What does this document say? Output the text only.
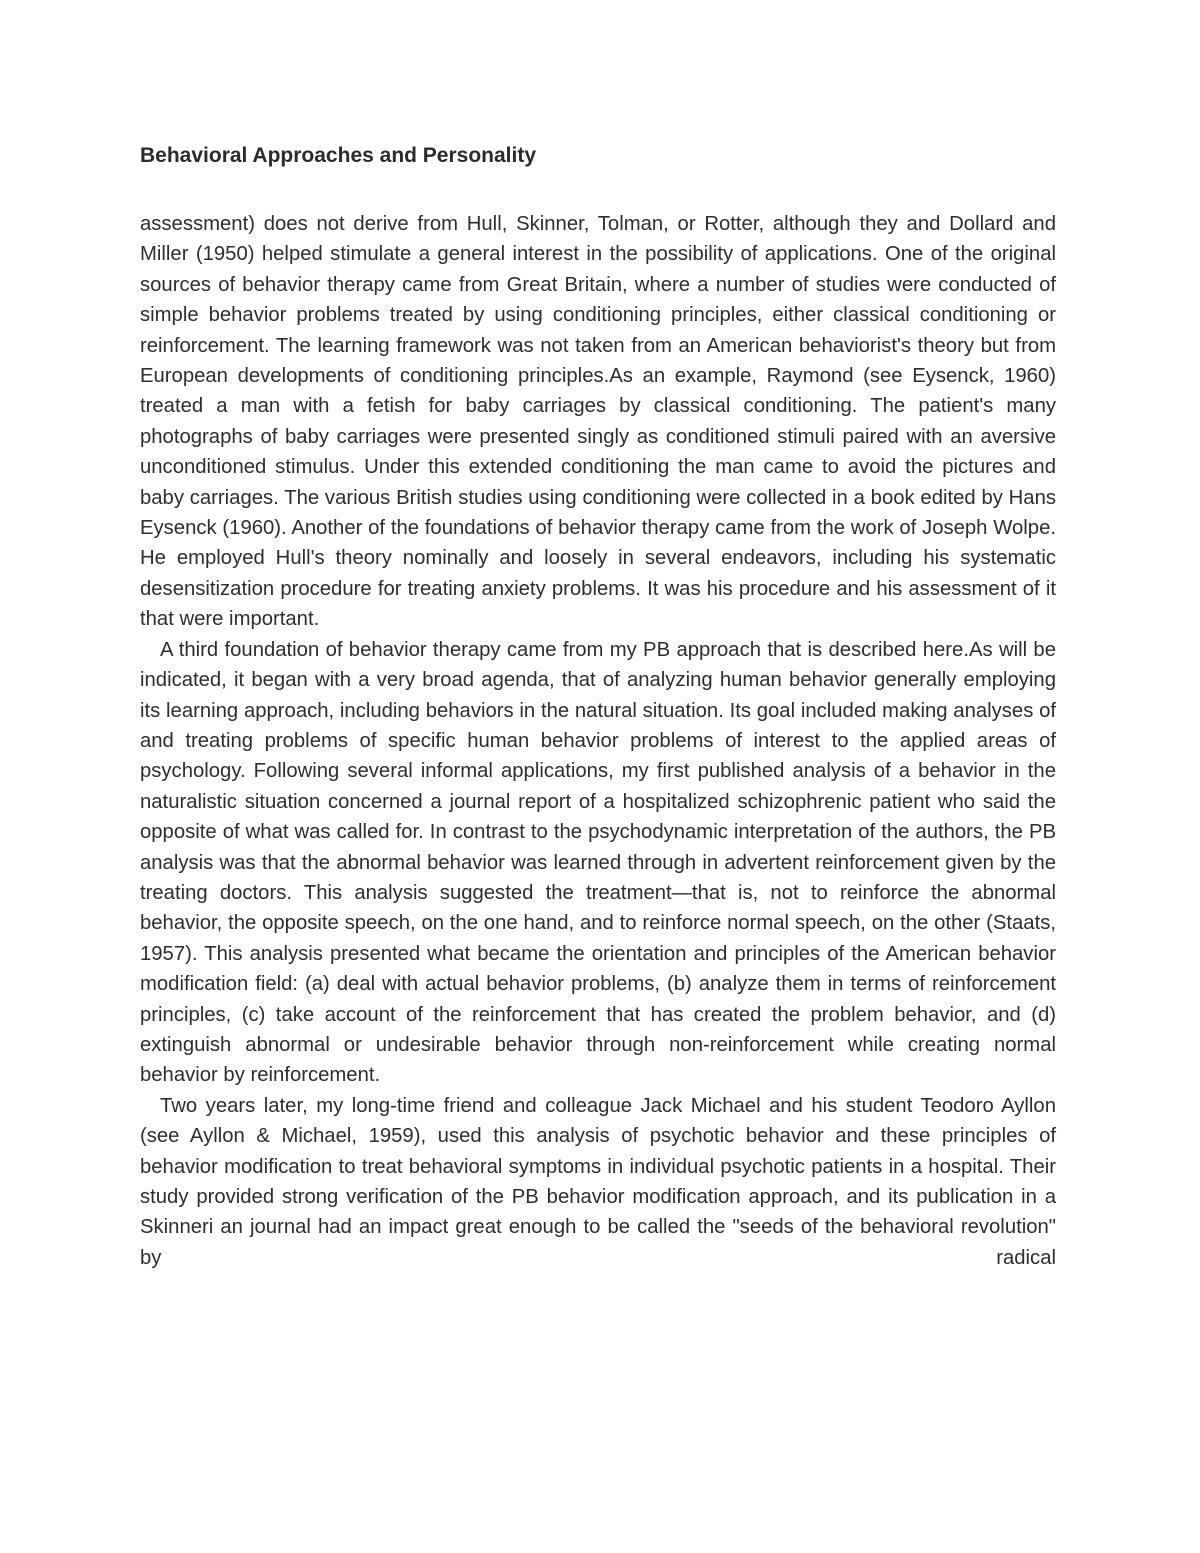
Behavioral Approaches and Personality

assessment) does not derive from Hull, Skinner, Tolman, or Rotter, although they and Dollard and Miller (1950) helped stimulate a general interest in the possibility of applications. One of the original sources of behavior therapy came from Great Britain, where a number of studies were conducted of simple behavior problems treated by using conditioning principles, either classical conditioning or reinforcement. The learning framework was not taken from an American behaviorist's theory but from European developments of conditioning principles.As an example, Raymond (see Eysenck, 1960) treated a man with a fetish for baby carriages by classical conditioning. The patient's many photographs of baby carriages were presented singly as conditioned stimuli paired with an aversive unconditioned stimulus. Under this extended conditioning the man came to avoid the pictures and baby carriages. The various British studies using conditioning were collected in a book edited by Hans Eysenck (1960). Another of the foundations of behavior therapy came from the work of Joseph Wolpe. He employed Hull's theory nominally and loosely in several endeavors, including his systematic desensitization procedure for treating anxiety problems. It was his procedure and his assessment of it that were important.

A third foundation of behavior therapy came from my PB approach that is described here.As will be indicated, it began with a very broad agenda, that of analyzing human behavior generally employing its learning approach, including behaviors in the natural situation. Its goal included making analyses of and treating problems of specific human behavior problems of interest to the applied areas of psychology. Following several informal applications, my first published analysis of a behavior in the naturalistic situation concerned a journal report of a hospitalized schizophrenic patient who said the opposite of what was called for. In contrast to the psychodynamic interpretation of the authors, the PB analysis was that the abnormal behavior was learned through in advertent reinforcement given by the treating doctors. This analysis suggested the treatment—that is, not to reinforce the abnormal behavior, the opposite speech, on the one hand, and to reinforce normal speech, on the other (Staats, 1957). This analysis presented what became the orientation and principles of the American behavior modification field: (a) deal with actual behavior problems, (b) analyze them in terms of reinforcement principles, (c) take account of the reinforcement that has created the problem behavior, and (d) extinguish abnormal or undesirable behavior through non-reinforcement while creating normal behavior by reinforcement.

Two years later, my long-time friend and colleague Jack Michael and his student Teodoro Ayllon (see Ayllon & Michael, 1959), used this analysis of psychotic behavior and these principles of behavior modification to treat behavioral symptoms in individual psychotic patients in a hospital. Their study provided strong verification of the PB behavior modification approach, and its publication in a Skinneri an journal had an impact great enough to be called the "seeds of the behavioral revolution" by radical
